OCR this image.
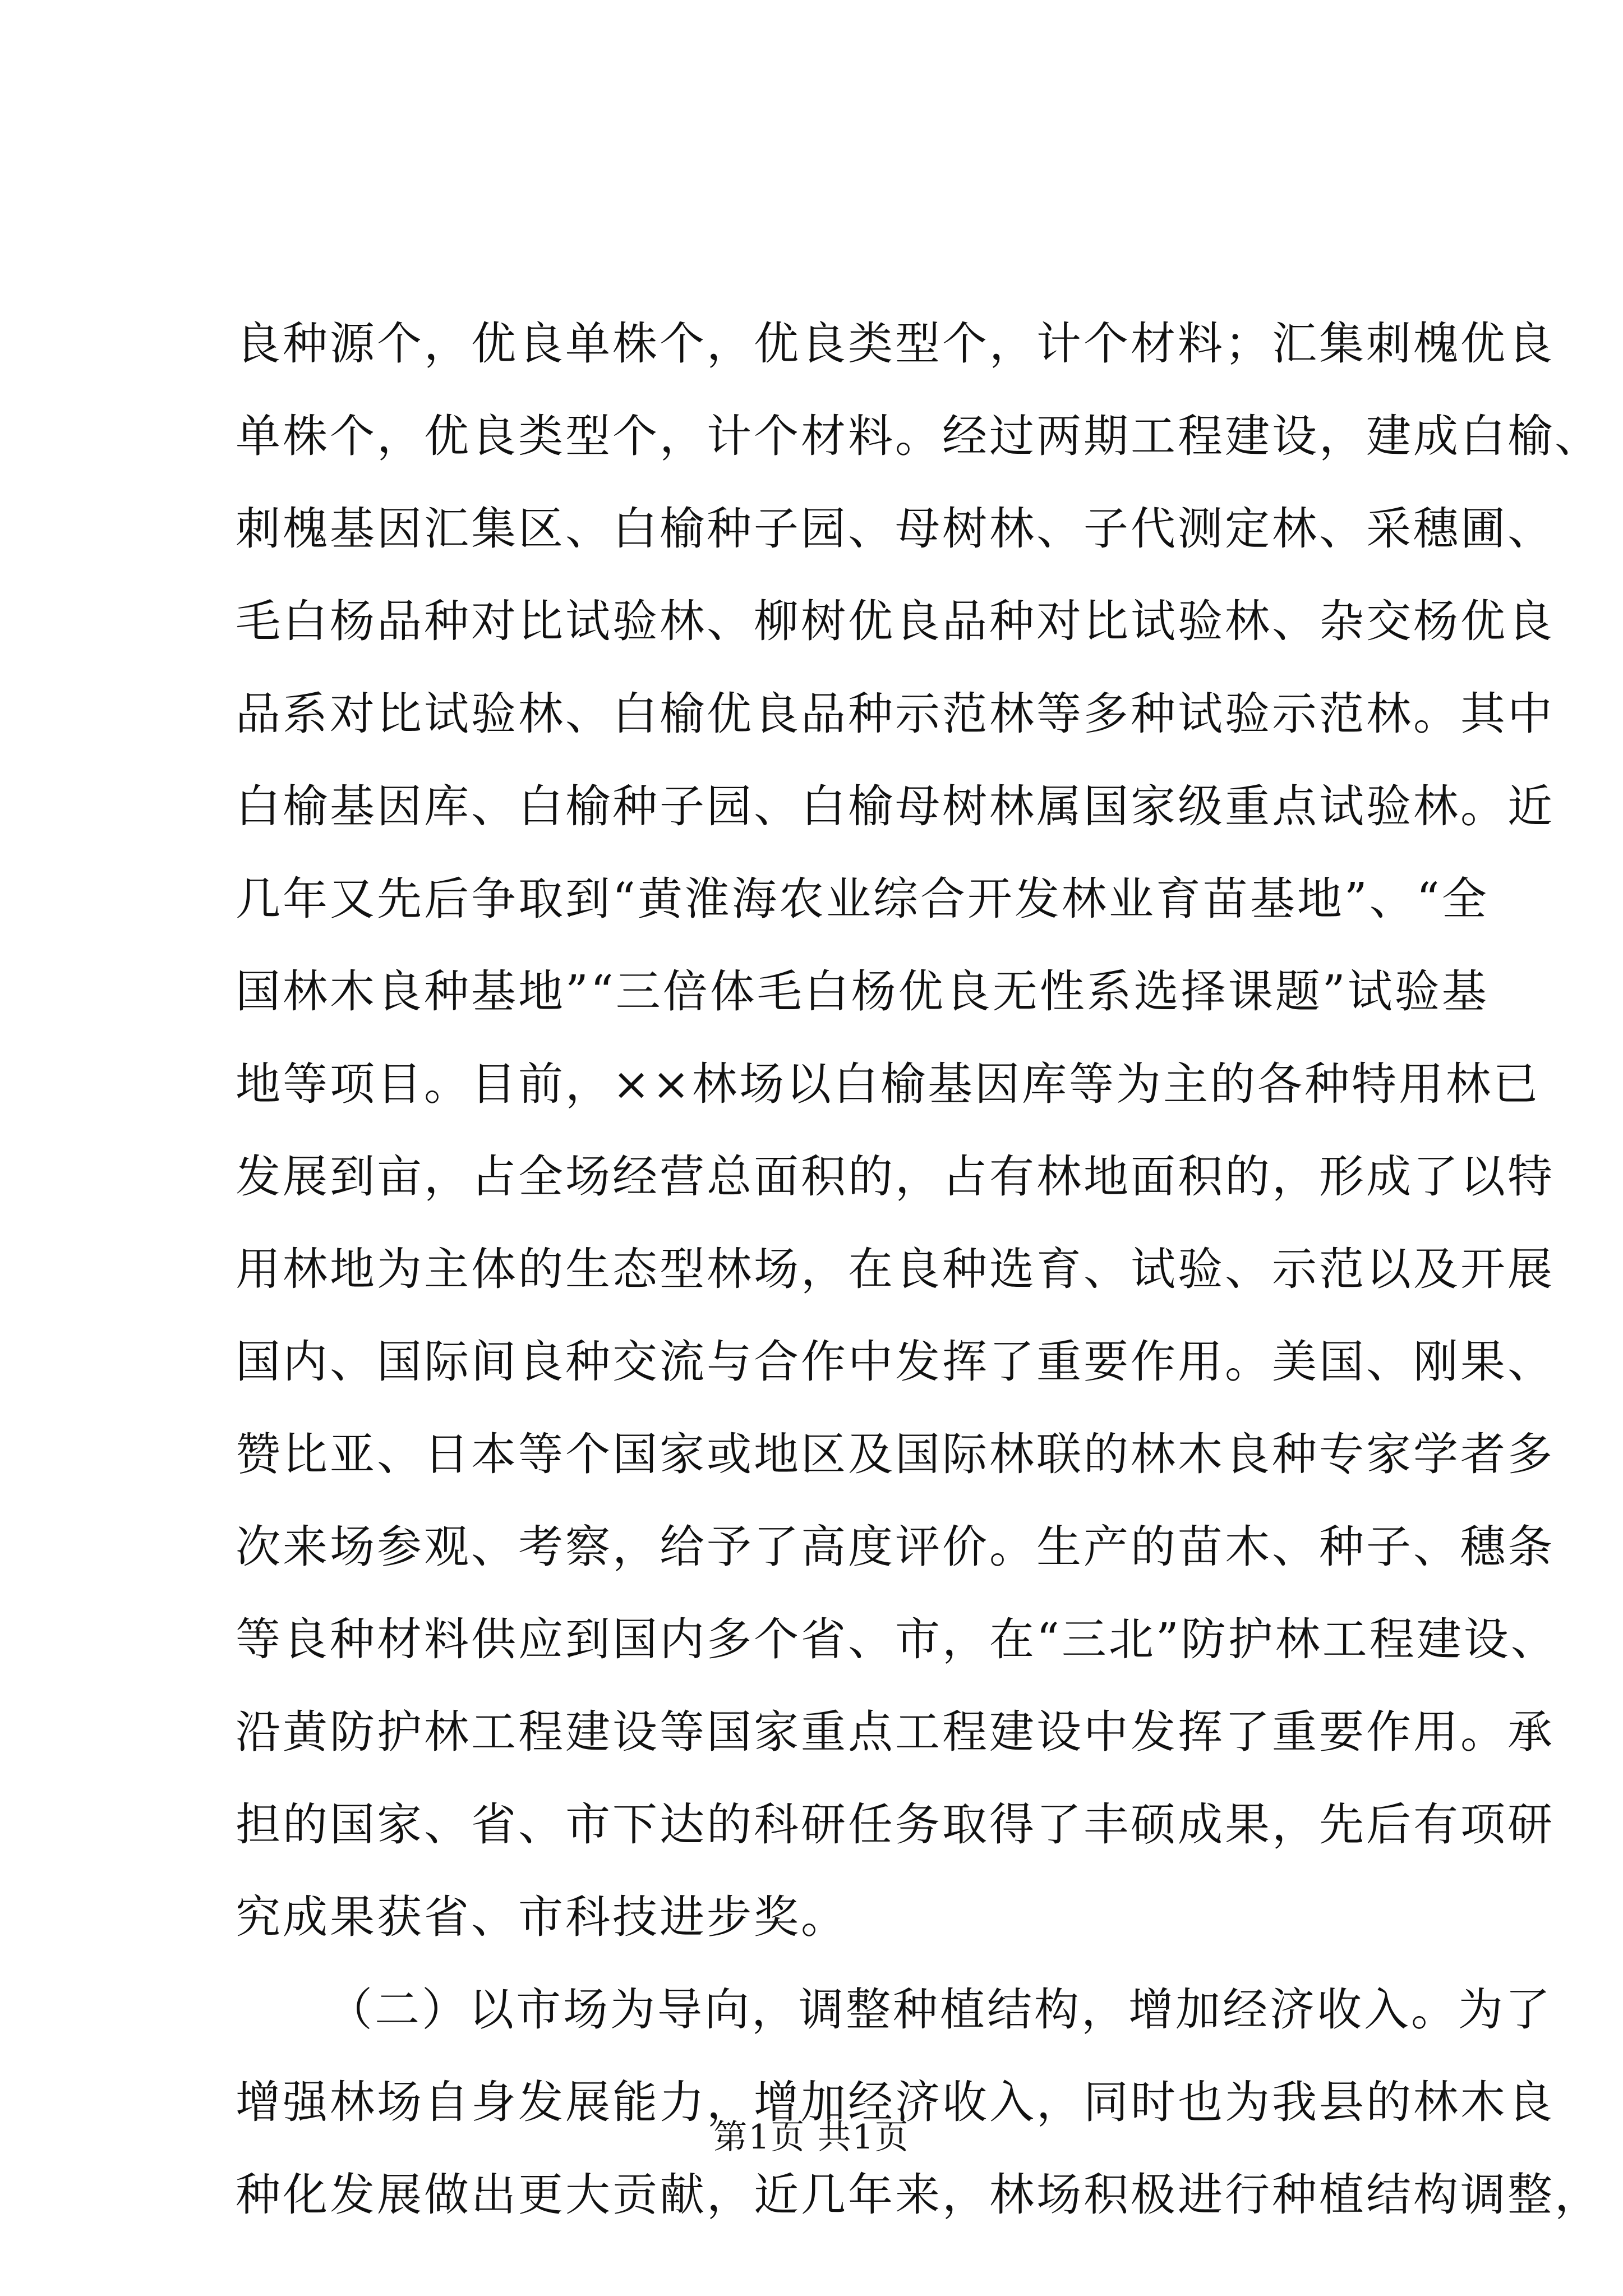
良种源个，优良单株个，优良类型个，计个材料；汇集刺槐优良
单株个，优良类型个，计个材料。经过两期工程建设，建成白榆、
刺槐基因汇集区、白榆种子园、母树林、子代测定林、采穗圃、
毛白杨品种对比试验林、柳树优良品种对比试验林、杂交杨优良
品系对比试验林、白榆优良品种示范林等多种试验示范林。其中
白榆基因库、白榆种子园、白榆母树林属国家级重点试验林。近
几年又先后争取到“黄淮海农业综合开发林业育苗基地”、“全
国林木良种基地”“三倍体毛白杨优良无性系选择课题”试验基
地等项目。目前，××林场以白榆基因库等为主的各种特用林已
发展到亩，占全场经营总面积的，占有林地面积的，形成了以特
用林地为主体的生态型林场，在良种选育、试验、示范以及开展
国内、国际间良种交流与合作中发挥了重要作用。美国、刚果、
赞比亚、日本等个国家或地区及国际林联的林木良种专家学者多
次来场参观、考察，给予了高度评价。生产的苗木、种子、穗条
等良种材料供应到国内多个省、市，在“三北”防护林工程建设、
沿黄防护林工程建设等国家重点工程建设中发挥了重要作用。承
担的国家、省、市下达的科研任务取得了丰硕成果，先后有项研
究成果获省、市科技进步奖。
（二）以市场为导向，调整种植结构，增加经济收入。为了
增强林场自身发展能力，增加经济收入，同时也为我县的林木良
种化发展做出更大贡献，近几年来，林场积极进行种植结构调整，
第1页 共1页
